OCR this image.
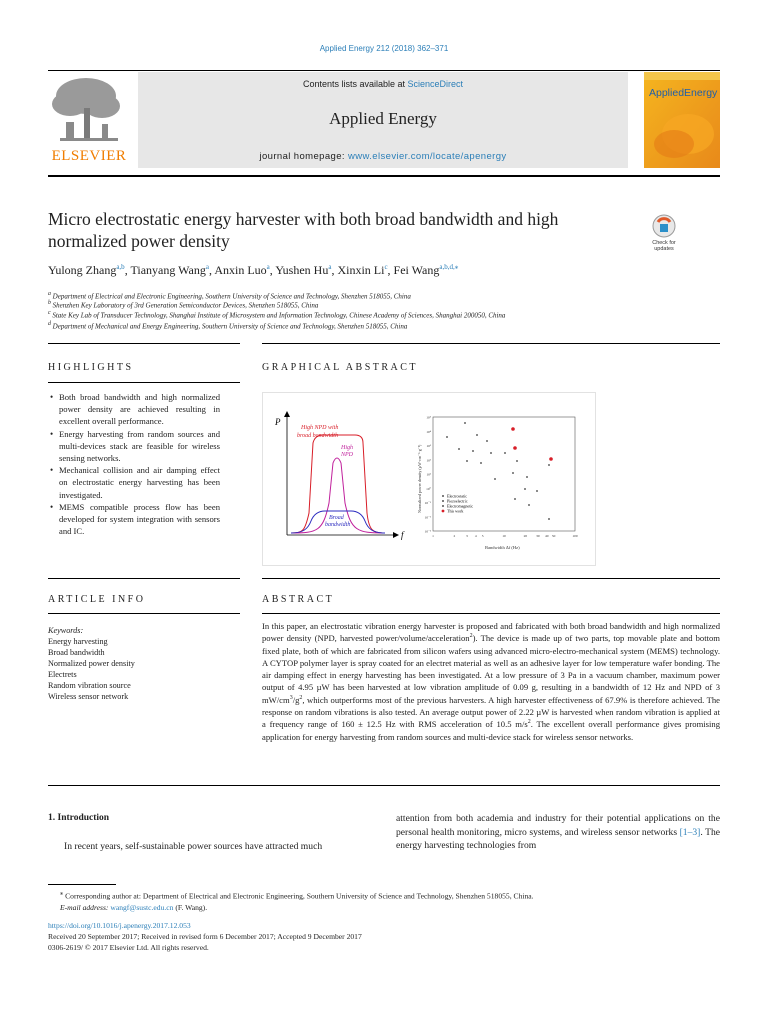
Applied Energy 212 (2018) 362–371
ELSEVIER
Contents lists available at ScienceDirect
Applied Energy
journal homepage: www.elsevier.com/locate/apenergy
AppliedEnergy
Micro electrostatic energy harvester with both broad bandwidth and high normalized power density	Check for
updates
Yulong Zhang$^{a,b}$, Tianyang Wang$^a$, Anxin Luo$^a$, Yushen Hu$^a$, Xinxin Li$^c$, Fei Wang$^{a,b,d,⁎}$
$^a$ Department of Electrical and Electronic Engineering, Southern University of Science and Technology, Shenzhen 518055, China
$^b$ Shenzhen Key Laboratory of 3rd Generation Semiconductor Devices, Shenzhen 518055, China
$^c$ State Key Lab of Transducer Technology, Shanghai Institute of Microsystem and Information Technology, Chinese Academy of Sciences, Shanghai 200050, China
$^d$ Department of Mechanical and Energy Engineering, Southern University of Science and Technology, Shenzhen 518055, China
HIGHLIGHTS	GRAPHICAL ABSTRACT
• Both broad bandwidth and high normalized power density are achieved resulting in excellent overall performance.
• Energy harvesting from random sources and multi-devices stack are feasible for wireless sensing networks.
• Mechanical collision and air damping effect on electrostatic energy harvesting has been investigated.
• MEMS compatible process flow has been developed for system integration with sensors and IC.
P
f
High NPD with
broad bandwidth
High
NPD
Broad
bandwidth
10⁵
10⁴
10³
10²
10¹
10⁰
10⁻¹
10⁻²
10⁻³
1	2	3 4 5	10	20	30 40 50	100
Normalized power density (µW·cm⁻³·g⁻²)
Bandwidth Δf (Hz)
Electrostatic
Piezoelectric
Electromagnetic
This work
ARTICLE INFO	ABSTRACT
Keywords:
Energy harvesting
Broad bandwidth
Normalized power density
Electrets
Random vibration source
Wireless sensor network
In this paper, an electrostatic vibration energy harvester is proposed and fabricated with both broad bandwidth and high normalized power density (NPD, harvested power/volume/acceleration$^2$). The device is made up of two parts, top movable plate and bottom fixed plate, both of which are fabricated from silicon wafers using advanced micro-electro-mechanical system (MEMS) technology. A CYTOP polymer layer is spray coated for an electret material as well as an adhesive layer for low temperature wafer bonding. The air damping effect in energy harvesting has been investigated. At a low pressure of 3 Pa in a vacuum chamber, maximum power output of 4.95 µW has been harvested at low vibration amplitude of 0.09 g, resulting in a bandwidth of 12 Hz and NPD of 3 $mW/cm^3/g^2$, which outperforms most of the previous harvesters. A high harvester effectiveness of 67.9% is therefore achieved. The response on random vibrations is also tested. An average output power of 2.22 µW is harvested when random vibration is applied at a frequency range of 160 ± 12.5 Hz with RMS acceleration of 10.5 $m/s^2$. The excellent overall performance gives promising application for energy harvesting from random sources and multi-device stack for wireless sensor networks.
1. Introduction

In recent years, self-sustainable power sources have attracted much

attention from both academia and industry for their potential applications on the personal health monitoring, micro systems, and wireless sensor networks [1–3]. The energy harvesting technologies from

⁎ Corresponding author at: Department of Electrical and Electronic Engineering, Southern University of Science and Technology, Shenzhen 518055, China.
E-mail address: wangf@sustc.edu.cn (F. Wang).
https://doi.org/10.1016/j.apenergy.2017.12.053
Received 20 September 2017; Received in revised form 6 December 2017; Accepted 9 December 2017
0306-2619/ © 2017 Elsevier Ltd. All rights reserved.
